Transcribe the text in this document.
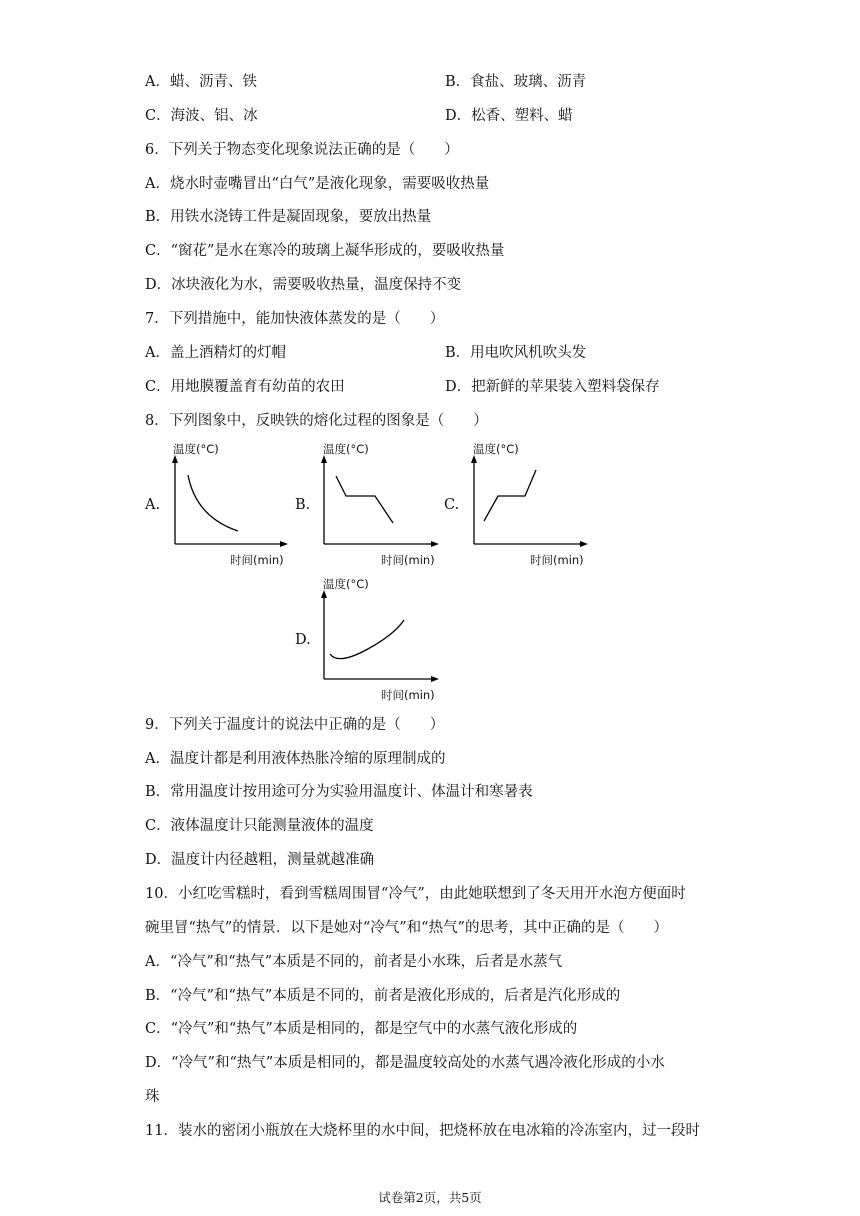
A．蜡、沥青、铁	B．食盐、玻璃、沥青
C．海波、铝、冰	D．松香、塑料、蜡
6．下列关于物态变化现象说法正确的是（　　）
A．烧水时壶嘴冒出“白气”是液化现象，需要吸收热量
B．用铁水浇铸工件是凝固现象，要放出热量
C．“窗花”是水在寒冷的玻璃上凝华形成的，要吸收热量
D．冰块液化为水，需要吸收热量，温度保持不变
7．下列措施中，能加快液体蒸发的是（　　）
A．盖上酒精灯的灯帽	B．用电吹风机吹头发
C．用地膜覆盖育有幼苗的农田	D．把新鲜的苹果装入塑料袋保存
8．下列图象中，反映铁的熔化过程的图象是（　　）
A.
温度(°C)
时间(min)
B.
温度(°C)
时间(min)
C.
温度(°C)
时间(min)
D.
温度(°C)
时间(min)
9．下列关于温度计的说法中正确的是（　　）
A．温度计都是利用液体热胀冷缩的原理制成的
B．常用温度计按用途可分为实验用温度计、体温计和寒暑表
C．液体温度计只能测量液体的温度
D．温度计内径越粗，测量就越准确
10．小红吃雪糕时，看到雪糕周围冒“冷气”，由此她联想到了冬天用开水泡方便面时
碗里冒“热气”的情景．以下是她对“冷气”和“热气”的思考，其中正确的是（　　）
A．“冷气”和“热气”本质是不同的，前者是小水珠，后者是水蒸气
B．“冷气”和“热气”本质是不同的，前者是液化形成的，后者是汽化形成的
C．“冷气”和“热气”本质是相同的，都是空气中的水蒸气液化形成的
D．“冷气”和“热气”本质是相同的，都是温度较高处的水蒸气遇冷液化形成的小水
珠
11．装水的密闭小瓶放在大烧杯里的水中间，把烧杯放在电冰箱的冷冻室内，过一段时
试卷第2页，共5页
